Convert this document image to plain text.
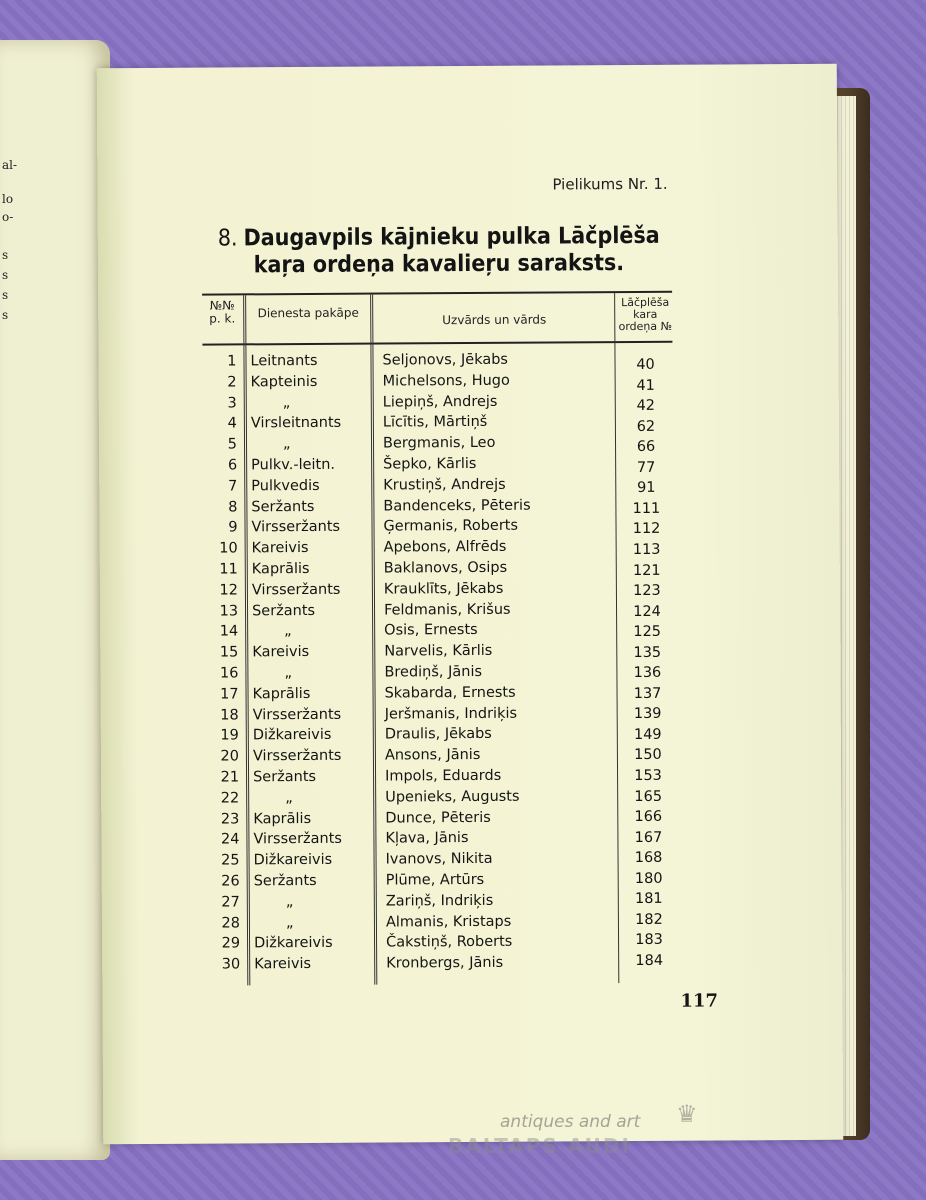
al-
lo
o-
s
s
s
s
Pielikums Nr. 1.
8. Daugavpils kājnieku pulka Lāčplēša
kaŗa ordeņa kavalieŗu saraksts.
№№
p. k.	Dienesta pakāpe	Uzvārds un vārds
Lāčplēša
kara
ordeņa №
1 Leitnants	Seljonovs, Jēkabs	40
2 Kapteinis	Michelsons, Hugo	41
3	„	Liepiņš, Andrejs	42
4 Virsleitnants	Līcītis, Mārtiņš	62
5	„	Bergmanis, Leo	66
6 Pulkv.-leitn.	Šepko, Kārlis	77
7 Pulkvedis	Krustiņš, Andrejs	91
8 Seržants	Bandenceks, Pēteris	111
9 Virsseržants	Ģermanis, Roberts	112
10 Kareivis	Apebons, Alfrēds	113
11 Kaprālis	Baklanovs, Osips	121
12 Virsseržants	Krauklīts, Jēkabs	123
13 Seržants	Feldmanis, Krišus	124
14	„	Osis, Ernests	125
15 Kareivis	Narvelis, Kārlis	135
16	„	Brediņš, Jānis	136
17 Kaprālis	Skabarda, Ernests	137
18 Virsseržants	Jeršmanis, Indriķis	139
19 Dižkareivis	Draulis, Jēkabs	149
20 Virsseržants	Ansons, Jānis	150
21 Seržants	Impols, Eduards	153
22	„	Upenieks, Augusts	165
23 Kaprālis	Dunce, Pēteris	166
24 Virsseržants	Kļava, Jānis	167
25 Dižkareivis	Ivanovs, Nikita	168
26 Seržants	Plūme, Artūrs	180
27	„	Zariņš, Indriķis	181
28	„	Almanis, Kristaps	182
29 Dižkareivis	Čakstiņš, Roberts	183
30 Kareivis	Kronbergs, Jānis	184
117
antiques and art ♛
BALTAPS AUDI
